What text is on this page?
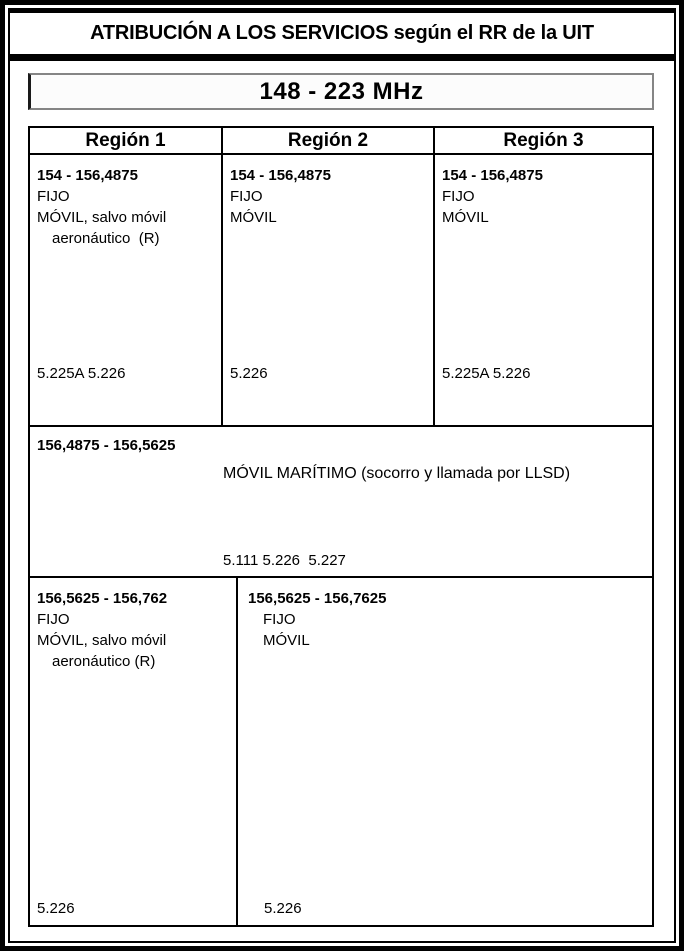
ATRIBUCIÓN A LOS SERVICIOS según el RR de la UIT
148 - 223 MHz
Región 1	Región 2	Región 3
154 - 156,4875
FIJO
MÓVIL, salvo móvil
aeronáutico  (R)
5.225A 5.226
154 - 156,4875
FIJO
MÓVIL
5.226
154 - 156,4875
FIJO
MÓVIL
5.225A 5.226
156,4875 - 156,5625
MÓVIL MARÍTIMO (socorro y llamada por LLSD)
5.111 5.226  5.227
156,5625 - 156,762
FIJO
MÓVIL, salvo móvil
aeronáutico (R)
5.226
156,5625 - 156,7625
FIJO
MÓVIL
5.226
